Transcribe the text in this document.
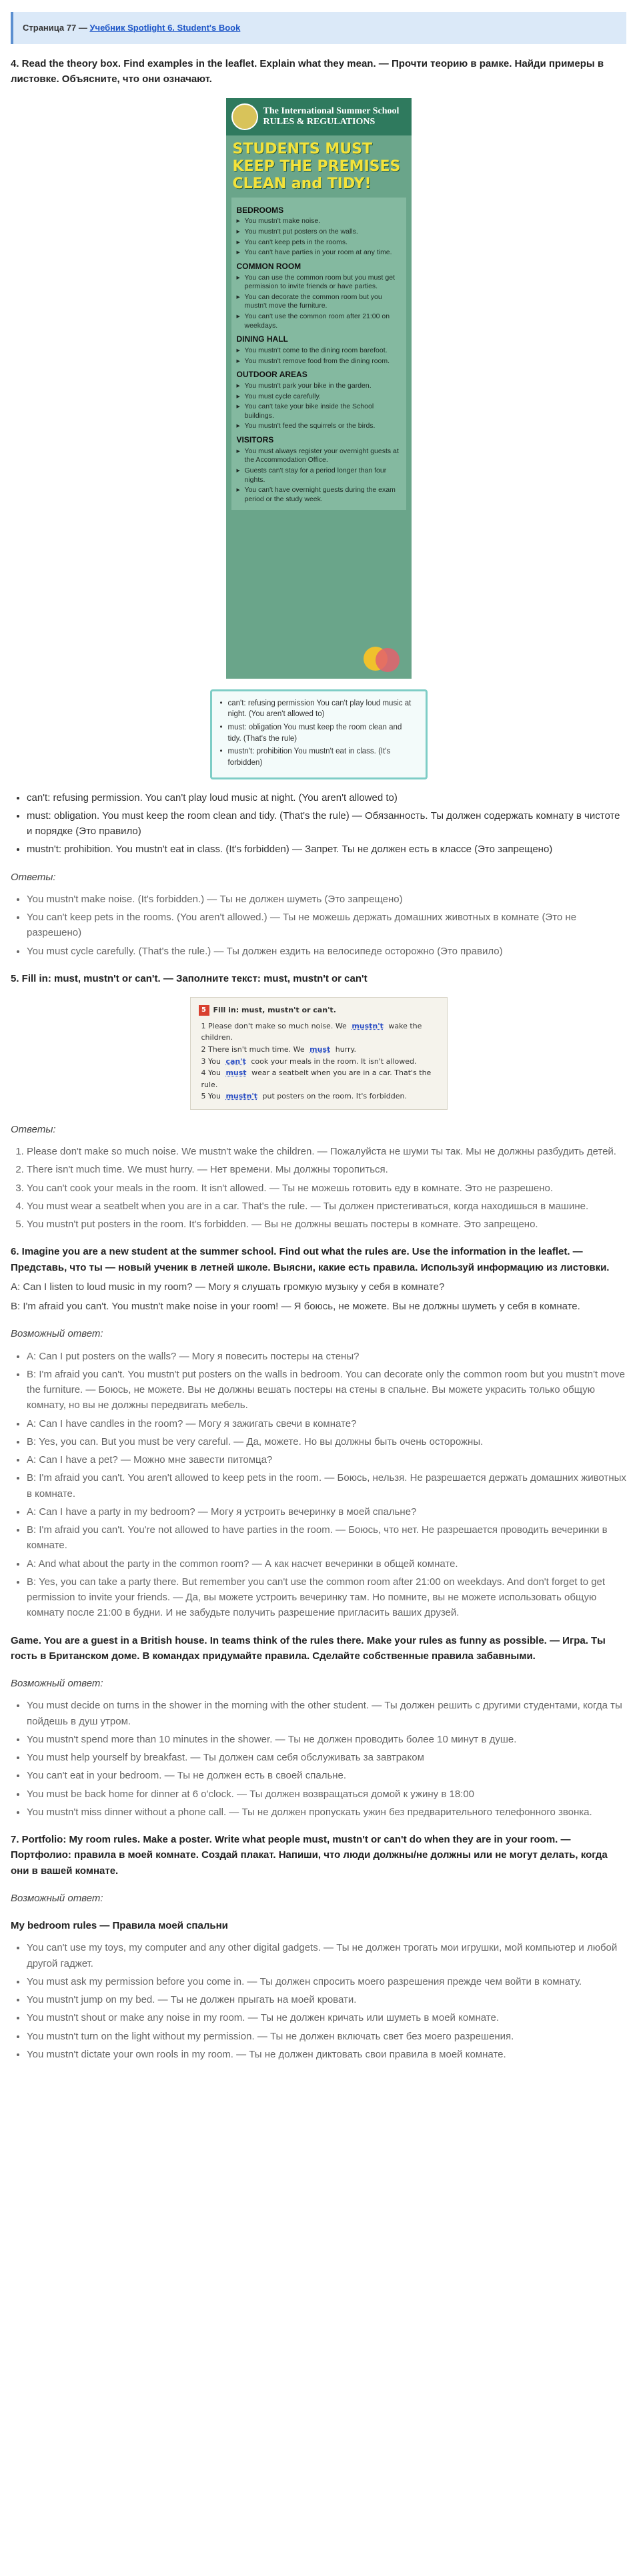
Страница 77 — Учебник Spotlight 6. Student's Book

4. Read the theory box. Find examples in the leaflet. Explain what they mean. — Прочти теорию в рамке. Найди примеры в листовке. Объясните, что они означают.

The International Summer School RULES & REGULATIONS
STUDENTS MUST KEEP THE PREMISES CLEAN and TIDY!
BEDROOMS
▸ You mustn't make noise.
▸ You mustn't put posters on the walls.
▸ You can't keep pets in the rooms.
▸ You can't have parties in your room at any time.
COMMON ROOM
▸ You can use the common room but you must get permission to invite friends or have parties.
▸ You can decorate the common room but you mustn't move the furniture.
▸ You can't use the common room after 21:00 on weekdays.
DINING HALL
▸ You mustn't come to the dining room barefoot.
▸ You mustn't remove food from the dining room.
OUTDOOR AREAS
▸ You mustn't park your bike in the garden.
▸ You must cycle carefully.
▸ You can't take your bike inside the School buildings.
▸ You mustn't feed the squirrels or the birds.
VISITORS
▸ You must always register your overnight guests at the Accommodation Office.
▸ Guests can't stay for a period longer than four nights.
▸ You can't have overnight guests during the exam period or the study week.
• can't: refusing permission You can't play loud music at night. (You aren't allowed to)
• must: obligation You must keep the room clean and tidy. (That's the rule)
• mustn't: prohibition You mustn't eat in class. (It's forbidden)
• can't: refusing permission. You can't play loud music at night. (You aren't allowed to)
• must: obligation. You must keep the room clean and tidy. (That's the rule) — Обязанность. Ты должен содержать комнату в чистоте и порядке (Это правило)
• mustn't: prohibition. You mustn't eat in class. (It's forbidden) — Запрет. Ты не должен есть в классе (Это запрещено)

Ответы:

• You mustn't make noise. (It's forbidden.) — Ты не должен шуметь (Это запрещено)
• You can't keep pets in the rooms. (You aren't allowed.) — Ты не можешь держать домашних животных в комнате (Это не разрешено)
• You must cycle carefully. (That's the rule.) — Ты должен ездить на велосипеде осторожно (Это правило)

5. Fill in: must, mustn't or can't. — Заполните текст: must, mustn't or can't

5 Fill in: must, mustn't or can't.
1 Please don't make so much noise. We mustn't wake the children.
2 There isn't much time. We must hurry.
3 You can't cook your meals in the room. It isn't allowed.
4 You must wear a seatbelt when you are in a car. That's the rule.
5 You mustn't put posters on the room. It's forbidden.

Ответы:

1. Please don't make so much noise. We mustn't wake the children. — Пожалуйста не шуми ты так. Мы не должны разбудить детей.
2. There isn't much time. We must hurry. — Нет времени. Мы должны торопиться.
3. You can't cook your meals in the room. It isn't allowed. — Ты не можешь готовить еду в комнате. Это не разрешено.
4. You must wear a seatbelt when you are in a car. That's the rule. — Ты должен пристегиваться, когда находишься в машине.
5. You mustn't put posters in the room. It's forbidden. — Вы не должны вешать постеры в комнате. Это запрещено.

6. Imagine you are a new student at the summer school. Find out what the rules are. Use the information in the leaflet. — Представь, что ты — новый ученик в летней школе. Выясни, какие есть правила. Используй информацию из листовки.

A: Can I listen to loud music in my room? — Могу я слушать громкую музыку у себя в комнате?

B: I'm afraid you can't. You mustn't make noise in your room! — Я боюсь, не можете. Вы не должны шуметь у себя в комнате.

Возможный ответ:

• A: Can I put posters on the walls? — Могу я повесить постеры на стены?
• B: I'm afraid you can't. You mustn't put posters on the walls in bedroom. You can decorate only the common room but you mustn't move the furniture. — Боюсь, не можете. Вы не должны вешать постеры на стены в спальне. Вы можете украсить только общую комнату, но вы не должны передвигать мебель.
• A: Can I have candles in the room? — Могу я зажигать свечи в комнате?
• B: Yes, you can. But you must be very careful. — Да, можете. Но вы должны быть очень осторожны.
• A: Can I have a pet? — Можно мне завести питомца?
• B: I'm afraid you can't. You aren't allowed to keep pets in the room. — Боюсь, нельзя. Не разрешается держать домашних животных в комнате.
• A: Can I have a party in my bedroom? — Могу я устроить вечеринку в моей спальне?
• B: I'm afraid you can't. You're not allowed to have parties in the room. — Боюсь, что нет. Не разрешается проводить вечеринки в комнате.
• A: And what about the party in the common room? — А как насчет вечеринки в общей комнате.
• B: Yes, you can take a party there. But remember you can't use the common room after 21:00 on weekdays. And don't forget to get permission to invite your friends. — Да, вы можете устроить вечеринку там. Но помните, вы не можете использовать общую комнату после 21:00 в будни. И не забудьте получить разрешение пригласить ваших друзей.

Game. You are a guest in a British house. In teams think of the rules there. Make your rules as funny as possible. — Игра. Ты гость в Британском доме. В командах придумайте правила. Сделайте собственные правила забавными.

Возможный ответ:

• You must decide on turns in the shower in the morning with the other student. — Ты должен решить с другими студентами, когда ты пойдешь в душ утром.
• You mustn't spend more than 10 minutes in the shower. — Ты не должен проводить более 10 минут в душе.
• You must help yourself by breakfast. — Ты должен сам себя обслуживать за завтраком
• You can't eat in your bedroom. — Ты не должен есть в своей спальне.
• You must be back home for dinner at 6 o'clock. — Ты должен возвращаться домой к ужину в 18:00
• You mustn't miss dinner without a phone call. — Ты не должен пропускать ужин без предварительного телефонного звонка.

7. Portfolio: My room rules. Make a poster. Write what people must, mustn't or can't do when they are in your room. — Портфолио: правила в моей комнате. Создай плакат. Напиши, что люди должны/не должны или не могут делать, когда они в вашей комнате.

Возможный ответ:

My bedroom rules — Правила моей спальни

• You can't use my toys, my computer and any other digital gadgets. — Ты не должен трогать мои игрушки, мой компьютер и любой другой гаджет.
• You must ask my permission before you come in. — Ты должен спросить моего разрешения прежде чем войти в комнату.
• You mustn't jump on my bed. — Ты не должен прыгать на моей кровати.
• You mustn't shout or make any noise in my room. — Ты не должен кричать или шуметь в моей комнате.
• You mustn't turn on the light without my permission. — Ты не должен включать свет без моего разрешения.
• You mustn't dictate your own rools in my room. — Ты не должен диктовать свои правила в моей комнате.
